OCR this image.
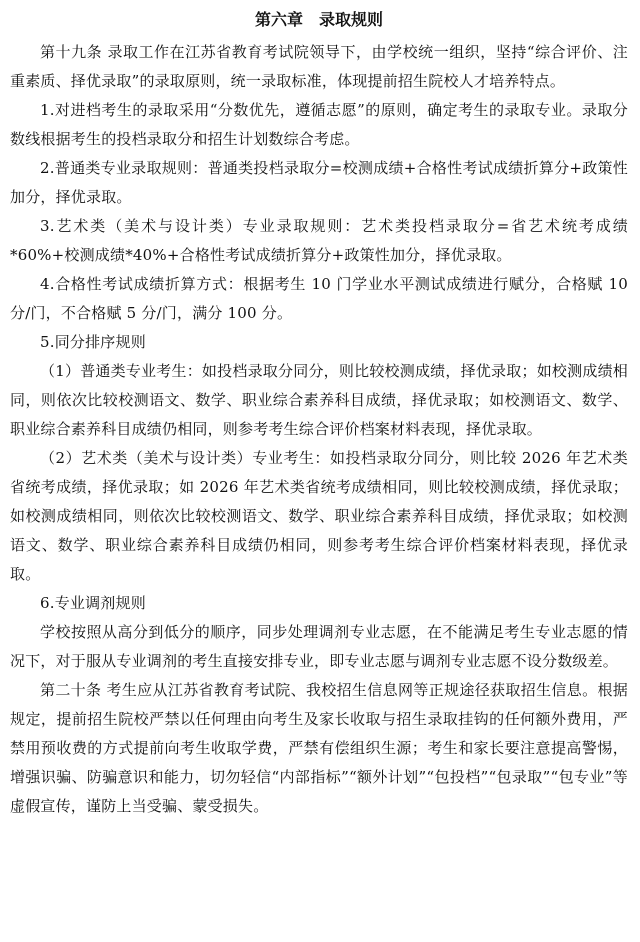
第六章　录取规则

第十九条 录取工作在江苏省教育考试院领导下，由学校统一组织，坚持“综合评价、注重素质、择优录取”的录取原则，统一录取标准，体现提前招生院校人才培养特点。

1.对进档考生的录取采用“分数优先，遵循志愿”的原则，确定考生的录取专业。录取分数线根据考生的投档录取分和招生计划数综合考虑。

2.普通类专业录取规则：普通类投档录取分=校测成绩+合格性考试成绩折算分+政策性加分，择优录取。

3.艺术类（美术与设计类）专业录取规则：艺术类投档录取分=省艺术统考成绩*60%+校测成绩*40%+合格性考试成绩折算分+政策性加分，择优录取。

4.合格性考试成绩折算方式：根据考生 10 门学业水平测试成绩进行赋分，合格赋 10 分/门，不合格赋 5 分/门，满分 100 分。

5.同分排序规则

（1）普通类专业考生：如投档录取分同分，则比较校测成绩，择优录取；如校测成绩相同，则依次比较校测语文、数学、职业综合素养科目成绩，择优录取；如校测语文、数学、职业综合素养科目成绩仍相同，则参考考生综合评价档案材料表现，择优录取。

（2）艺术类（美术与设计类）专业考生：如投档录取分同分，则比较 2026 年艺术类省统考成绩，择优录取；如 2026 年艺术类省统考成绩相同，则比较校测成绩，择优录取；如校测成绩相同，则依次比较校测语文、数学、职业综合素养科目成绩，择优录取；如校测语文、数学、职业综合素养科目成绩仍相同，则参考考生综合评价档案材料表现，择优录取。

6.专业调剂规则

学校按照从高分到低分的顺序，同步处理调剂专业志愿，在不能满足考生专业志愿的情况下，对于服从专业调剂的考生直接安排专业，即专业志愿与调剂专业志愿不设分数级差。

第二十条 考生应从江苏省教育考试院、我校招生信息网等正规途径获取招生信息。根据规定，提前招生院校严禁以任何理由向考生及家长收取与招生录取挂钩的任何额外费用，严禁用预收费的方式提前向考生收取学费，严禁有偿组织生源；考生和家长要注意提高警惕，增强识骗、防骗意识和能力，切勿轻信“内部指标”“额外计划”“包投档”“包录取”“包专业”等虚假宣传，谨防上当受骗、蒙受损失。
